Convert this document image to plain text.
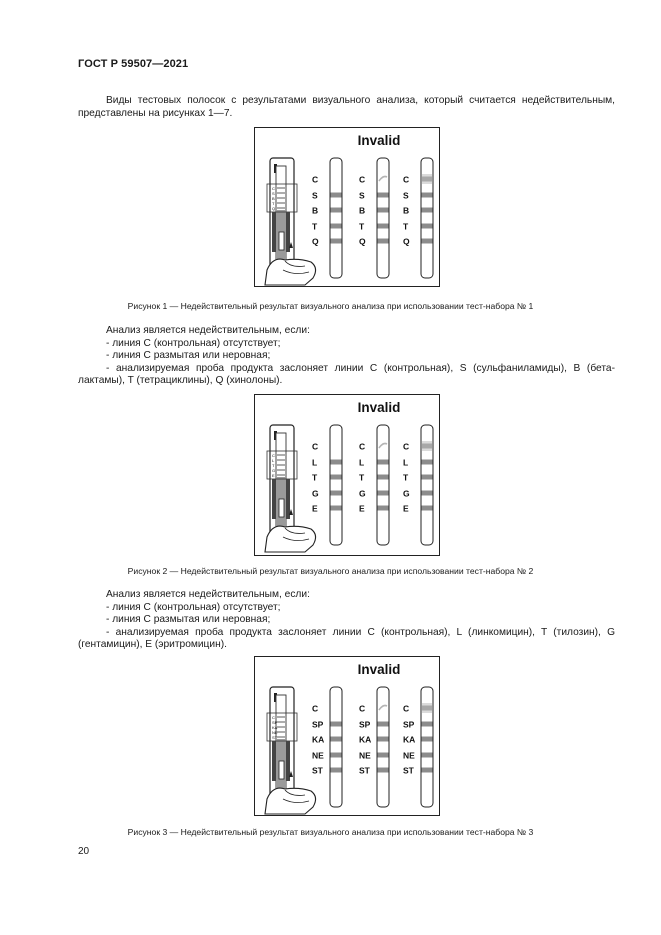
ГОСТ Р 59507—2021

Виды тестовых полосок с результатами визуального анализа, который считается недействительным, представлены на рисунках 1—7.

Invalid
C
S
B
T
Q
C
S
B
T
Q
C
S
B
T
Q
C
S
B
T
Q
Рисунок 1 — Недействительный результат визуального анализа при использовании тест-набора № 1

Анализ является недействительным, если:

- линия С (контрольная) отсутствует;

- линия С размытая или неровная;

- анализируемая проба продукта заслоняет линии С (контрольная), S (сульфаниламиды), B (бета-лактамы), T (тетрациклины), Q (хинолоны).

Invalid
C
L
T
G
E
C
L
T
G
E
C
L
T
G
E
C
L
T
G
E
Рисунок 2 — Недействительный результат визуального анализа при использовании тест-набора № 2

Анализ является недействительным, если:

- линия С (контрольная) отсутствует;

- линия С размытая или неровная;

- анализируемая проба продукта заслоняет линии С (контрольная), L (линкомицин), T (тилозин), G (гентамицин), E (эритромицин).

Invalid
C
SP
KA
NE
ST
C
SP
KA
NE
ST
C
SP
KA
NE
ST
C
SP
KA
NE
ST
Рисунок 3 — Недействительный результат визуального анализа при использовании тест-набора № 3
20
